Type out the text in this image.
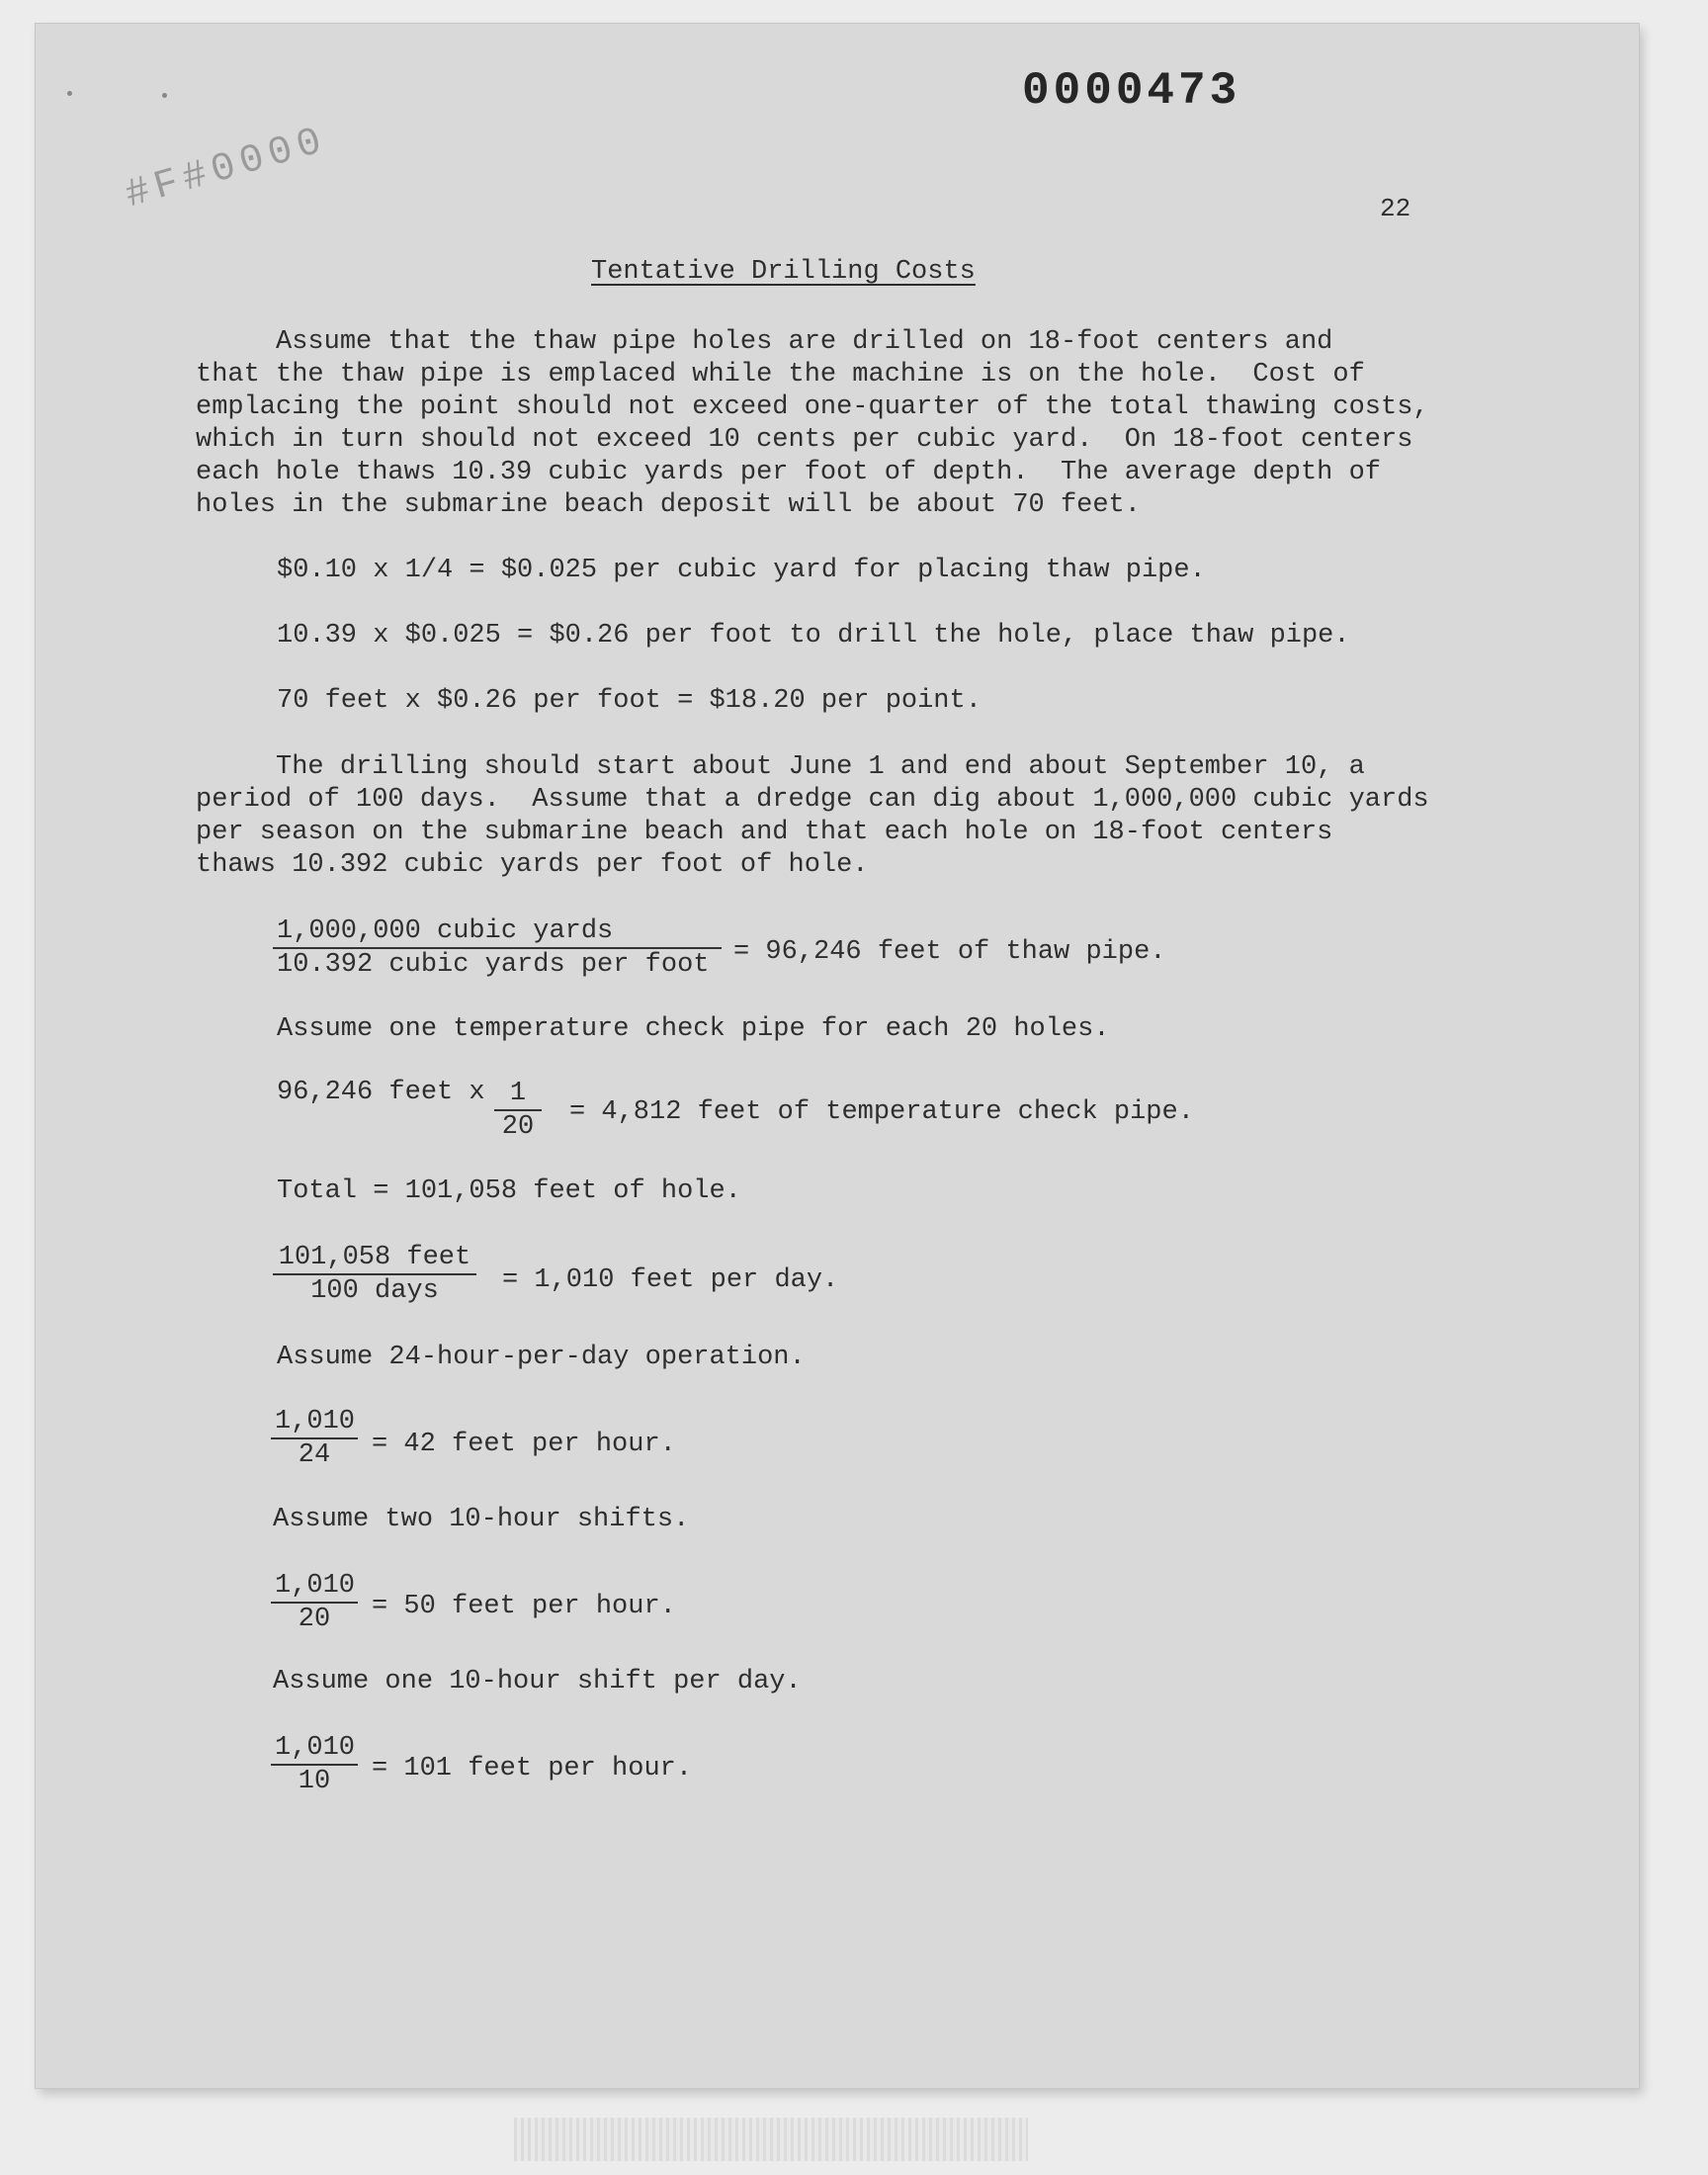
0000473
#F#0000	22
Tentative Drilling Costs
Assume that the thaw pipe holes are drilled on 18-foot centers and
that the thaw pipe is emplaced while the machine is on the hole.  Cost of
emplacing the point should not exceed one-quarter of the total thawing costs,
which in turn should not exceed 10 cents per cubic yard.  On 18-foot centers
each hole thaws 10.39 cubic yards per foot of depth.  The average depth of
holes in the submarine beach deposit will be about 70 feet.
$0.10 x 1/4 = $0.025 per cubic yard for placing thaw pipe.
10.39 x $0.025 = $0.26 per foot to drill the hole, place thaw pipe.
70 feet x $0.26 per foot = $18.20 per point.
The drilling should start about June 1 and end about September 10, a
period of 100 days.  Assume that a dredge can dig about 1,000,000 cubic yards
per season on the submarine beach and that each hole on 18-foot centers
thaws 10.392 cubic yards per foot of hole.
1,000,000 cubic yards
10.392 cubic yards per foot = 96,246 feet of thaw pipe.
Assume one temperature check pipe for each 20 holes.
96,246 feet x $\frac{1}{20} = 4,812$ feet of temperature check pipe.
Total = 101,058 feet of hole.
101,058 feet
100 days	= 1,010 feet per day.
Assume 24-hour-per-day operation.
$\frac{1,010}{24} = 42$ feet per hour.
Assume two 10-hour shifts.
$\frac{1,010}{20} = 50$ feet per hour.
Assume one 10-hour shift per day.
$\frac{1,010}{10} = 101$ feet per hour.
